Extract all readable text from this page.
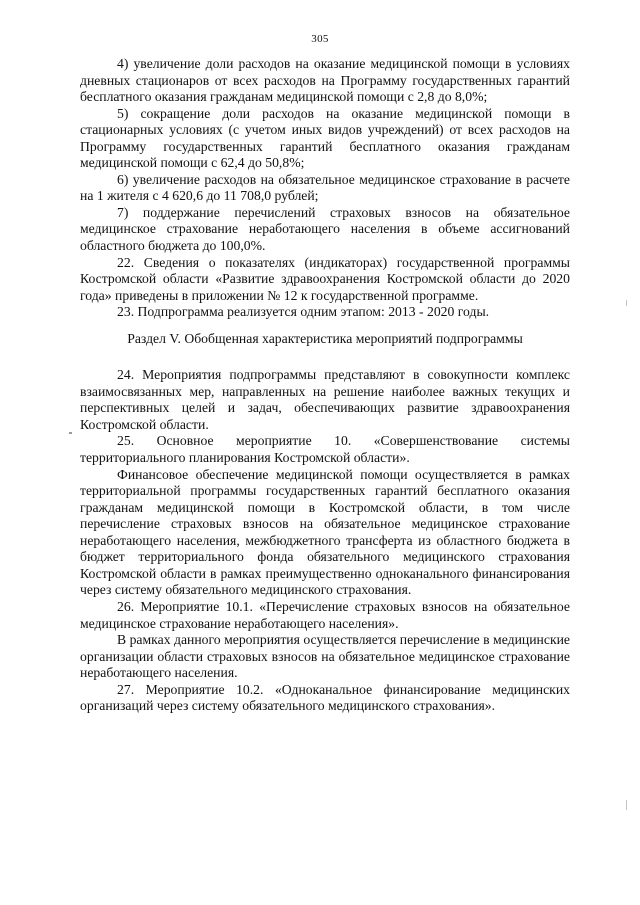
305

4) увеличение доли расходов на оказание медицинской помощи в условиях дневных стационаров от всех расходов на Программу государственных гарантий бесплатного оказания гражданам медицинской помощи с 2,8 до 8,0%;

5) сокращение доли расходов на оказание медицинской помощи в стационарных условиях (с учетом иных видов учреждений) от всех расходов на Программу государственных гарантий бесплатного оказания гражданам медицинской помощи с 62,4 до 50,8%;

6) увеличение расходов на обязательное медицинское страхование в расчете на 1 жителя с 4 620,6 до 11 708,0 рублей;

7) поддержание перечислений страховых взносов на обязательное медицинское страхование неработающего населения в объеме ассигнований областного бюджета до 100,0%.

22. Сведения о показателях (индикаторах) государственной программы Костромской области «Развитие здравоохранения Костромской области до 2020 года» приведены в приложении № 12 к государственной программе.

23. Подпрограмма реализуется одним этапом: 2013 - 2020 годы.

Раздел V. Обобщенная характеристика мероприятий подпрограммы

24. Мероприятия подпрограммы представляют в совокупности комплекс взаимосвязанных мер, направленных на решение наиболее важных текущих и перспективных целей и задач, обеспечивающих развитие здравоохранения Костромской области.

25. Основное мероприятие 10. «Совершенствование системы территориального планирования Костромской области».

Финансовое обеспечение медицинской помощи осуществляется в рамках территориальной программы государственных гарантий бесплатного оказания гражданам медицинской помощи в Костромской области, в том числе перечисление страховых взносов на обязательное медицинское страхование неработающего населения, межбюджетного трансферта из областного бюджета в бюджет территориального фонда обязательного медицинского страхования Костромской области в рамках преимущественно одноканального финансирования через систему обязательного медицинского страхования.

26. Мероприятие 10.1. «Перечисление страховых взносов на обязательное медицинское страхование неработающего населения».

В рамках данного мероприятия осуществляется перечисление в медицинские организации области страховых взносов на обязательное медицинское страхование неработающего населения.

27. Мероприятие 10.2. «Одноканальное финансирование медицинских организаций через систему обязательного медицинского страхования».
